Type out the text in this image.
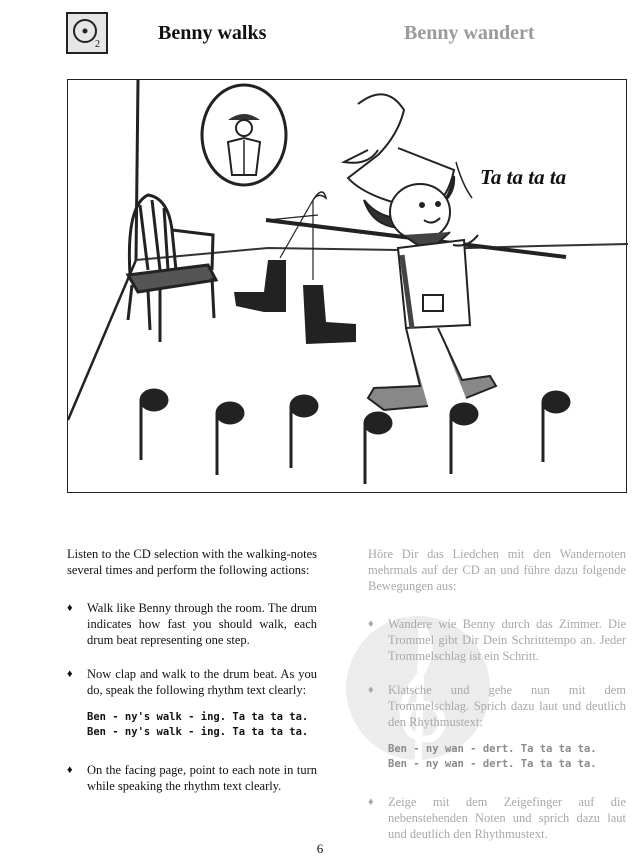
2
Benny walks	Benny wandert
Ta ta ta ta

Listen to the CD selection with the walking-notes several times and perform the following actions:

♦ Walk like Benny through the room. The drum indicates how fast you should walk, each drum beat representing one step.
♦ Now clap and walk to the drum beat. As you do, speak the following rhythm text clearly:
Ben - ny's walk - ing. Ta ta ta ta.
Ben - ny's walk - ing. Ta ta ta ta.
♦ On the facing page, point to each note in turn while speaking the rhythm text clearly.

Höre Dir das Liedchen mit den Wandernoten mehrmals auf der CD an und führe dazu folgende Bewegungen aus:

♦ Wandere wie Benny durch das Zimmer. Die Trommel gibt Dir Dein Schritttempo an. Jeder Trommelschlag ist ein Schritt.
♦ Klatsche und gehe nun mit dem Trommelschlag. Sprich dazu laut und deutlich den Rhythmustext:
Ben - ny wan - dert. Ta ta ta ta.
Ben - ny wan - dert. Ta ta ta ta.
♦ Zeige mit dem Zeigefinger auf die nebenstehenden Noten und sprich dazu laut und deutlich den Rhythmustext.
6
